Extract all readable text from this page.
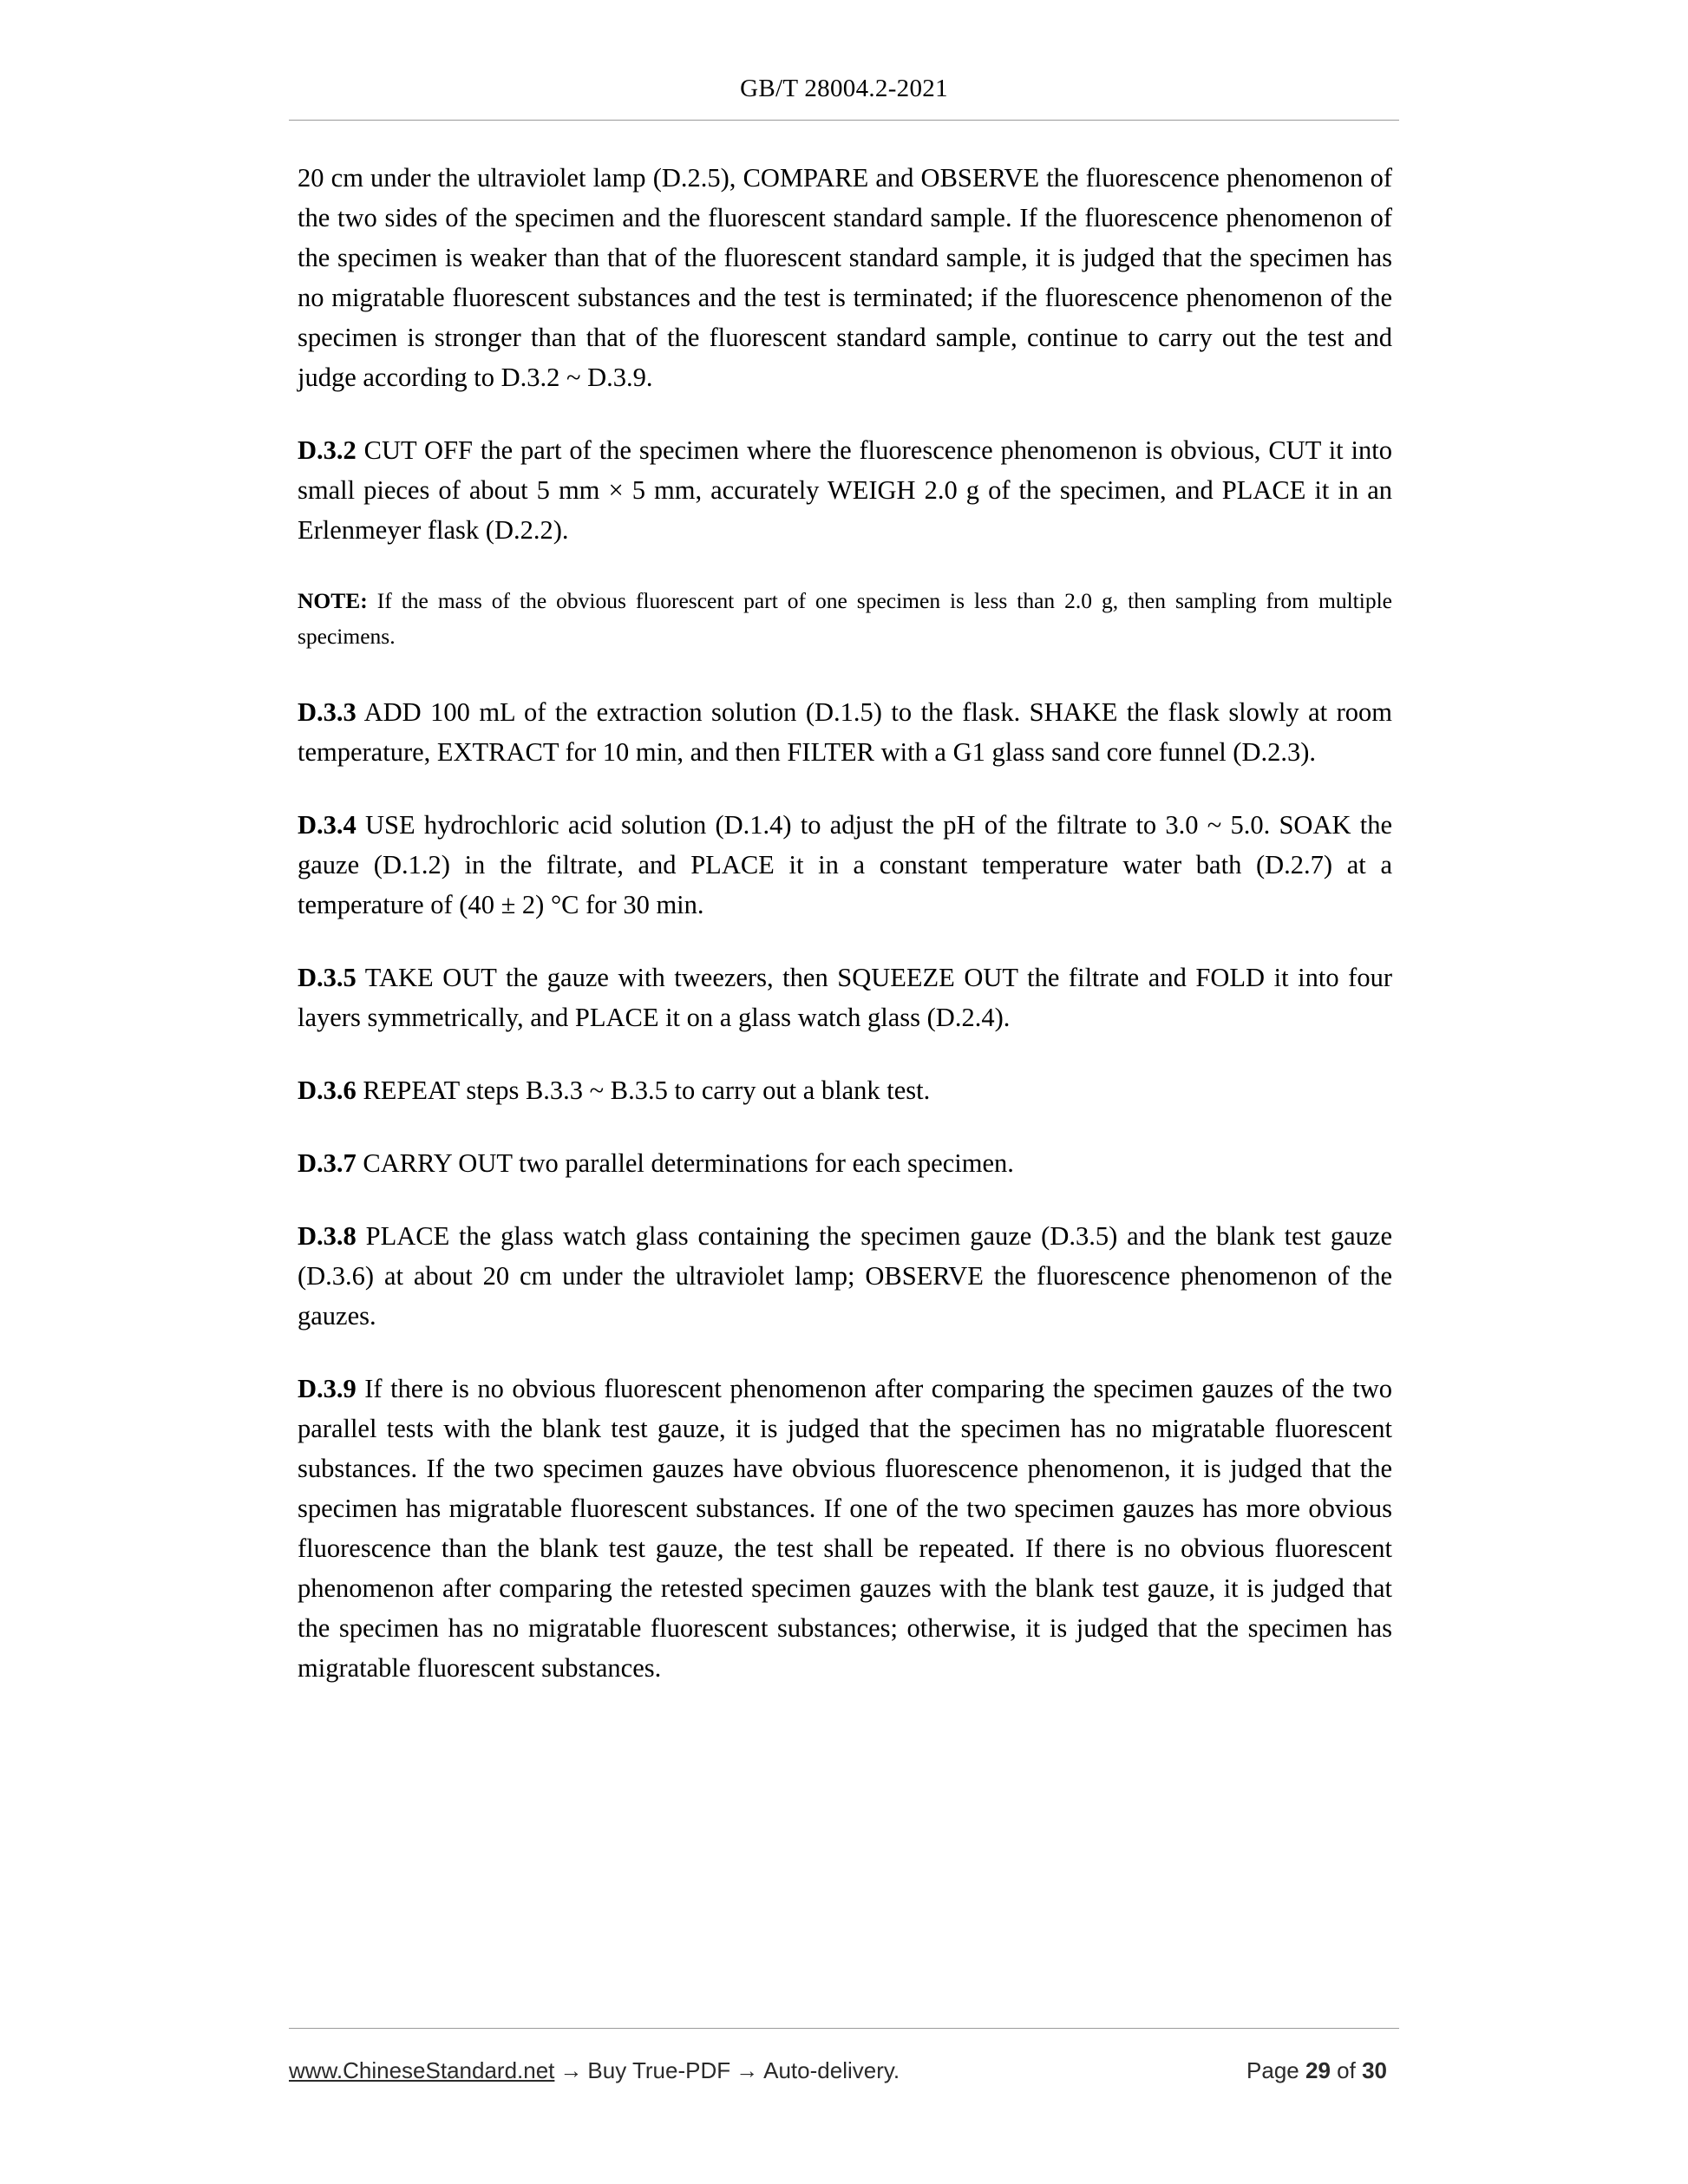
GB/T 28004.2-2021

20 cm under the ultraviolet lamp (D.2.5), COMPARE and OBSERVE the fluorescence phenomenon of the two sides of the specimen and the fluorescent standard sample. If the fluorescence phenomenon of the specimen is weaker than that of the fluorescent standard sample, it is judged that the specimen has no migratable fluorescent substances and the test is terminated; if the fluorescence phenomenon of the specimen is stronger than that of the fluorescent standard sample, continue to carry out the test and judge according to D.3.2 ~ D.3.9.

D.3.2 CUT OFF the part of the specimen where the fluorescence phenomenon is obvious, CUT it into small pieces of about 5 mm × 5 mm, accurately WEIGH 2.0 g of the specimen, and PLACE it in an Erlenmeyer flask (D.2.2).

NOTE: If the mass of the obvious fluorescent part of one specimen is less than 2.0 g, then sampling from multiple specimens.

D.3.3 ADD 100 mL of the extraction solution (D.1.5) to the flask. SHAKE the flask slowly at room temperature, EXTRACT for 10 min, and then FILTER with a G1 glass sand core funnel (D.2.3).

D.3.4 USE hydrochloric acid solution (D.1.4) to adjust the pH of the filtrate to 3.0 ~ 5.0. SOAK the gauze (D.1.2) in the filtrate, and PLACE it in a constant temperature water bath (D.2.7) at a temperature of (40 ± 2) °C for 30 min.

D.3.5 TAKE OUT the gauze with tweezers, then SQUEEZE OUT the filtrate and FOLD it into four layers symmetrically, and PLACE it on a glass watch glass (D.2.4).

D.3.6 REPEAT steps B.3.3 ~ B.3.5 to carry out a blank test.

D.3.7 CARRY OUT two parallel determinations for each specimen.

D.3.8 PLACE the glass watch glass containing the specimen gauze (D.3.5) and the blank test gauze (D.3.6) at about 20 cm under the ultraviolet lamp; OBSERVE the fluorescence phenomenon of the gauzes.

D.3.9 If there is no obvious fluorescent phenomenon after comparing the specimen gauzes of the two parallel tests with the blank test gauze, it is judged that the specimen has no migratable fluorescent substances. If the two specimen gauzes have obvious fluorescence phenomenon, it is judged that the specimen has migratable fluorescent substances. If one of the two specimen gauzes has more obvious fluorescence than the blank test gauze, the test shall be repeated. If there is no obvious fluorescent phenomenon after comparing the retested specimen gauzes with the blank test gauze, it is judged that the specimen has no migratable fluorescent substances; otherwise, it is judged that the specimen has migratable fluorescent substances.

www.ChineseStandard.net → Buy True-PDF → Auto-delivery.	Page 29 of 30
